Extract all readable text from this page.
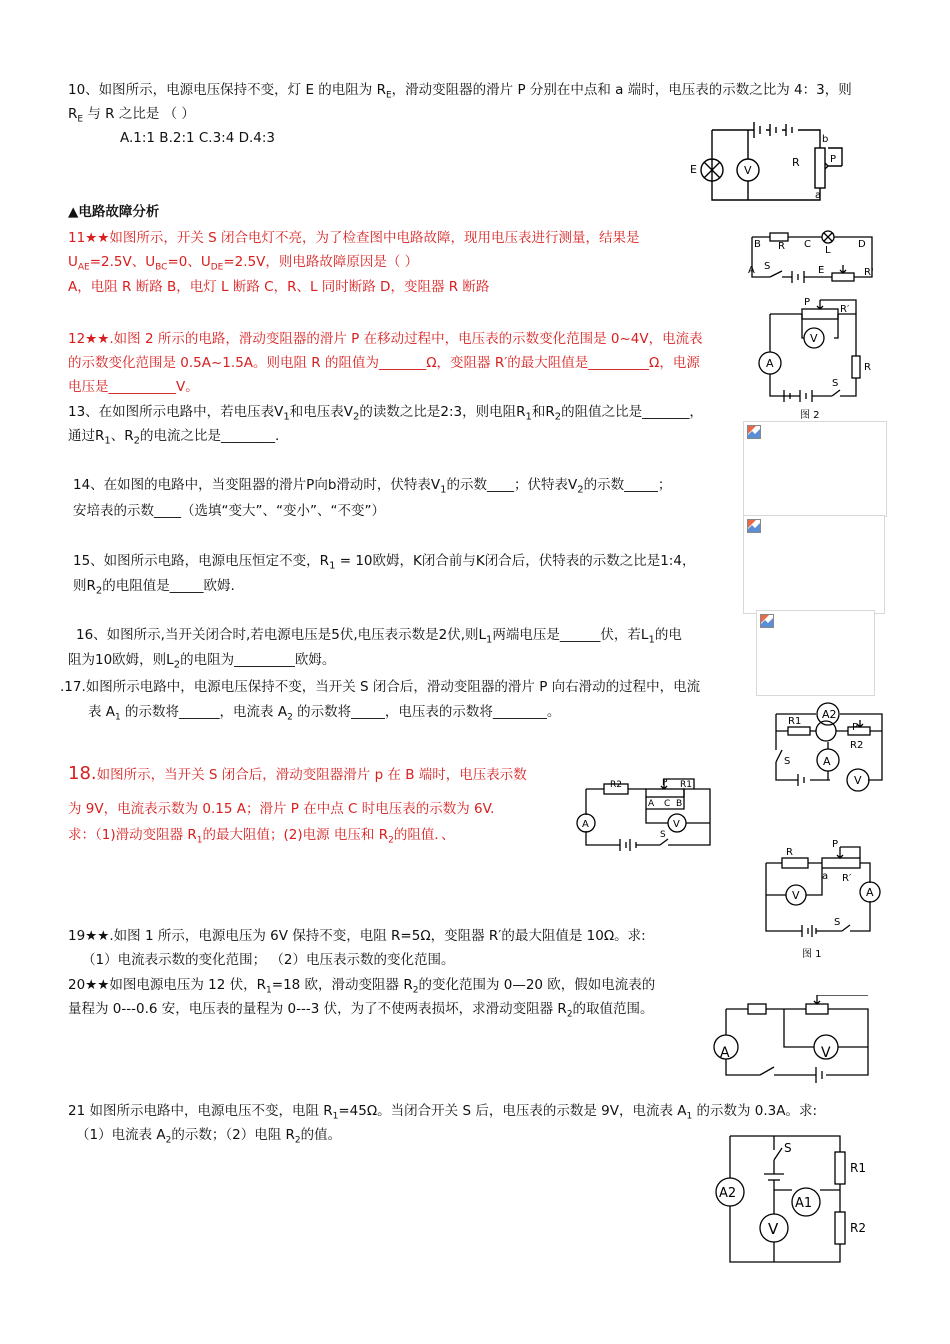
10、如图所示，电源电压保持不变，灯 E 的电阻为 $R_E$，滑动变阻器的滑片 P 分别在中点和 a 端时，电压表的示数之比为 4：3，则
$R_E$ 与 R 之比是 （ ）
A.1:1 B.2:1 C.3:4 D.4:3
E	V
R	P
a
b
▲电路故障分析
11★★如图所示，开关 S 闭合电灯不亮，为了检查图中电路故障，现用电压表进行测量，结果是
$U_{AE}=2.5V$、$U_{BC}=0$、$U_{DE}=2.5V$，则电路故障原因是（ ）
A，电阻 R 断路 B，电灯 L 断路 C，R、L 同时断路 D，变阻器 R 断路
B R C
L
D
A S	E	R'
12★★.如图 2 所示的电路，滑动变阻器的滑片 P 在移动过程中，电压表的示数变化范围是 0~4V，电流表
的示数变化范围是 0.5A~1.5A。则电阻 R 的阻值为_______Ω，变阻器 R′的最大阻值是_________Ω，电源
电压是__________V。
P
R′
V
A	R
S
图 2
13、在如图所示电路中，若电压表$V_1$和电压表$V_2$的读数之比是2:3，则电阻$R_1$和$R_2$的阻值之比是_______，
通过$R_1$、$R_2$的电流之比是________.
14、在如图的电路中，当变阻器的滑片P向b滑动时，伏特表$V_1$的示数____；伏特表$V_2$的示数_____；
安培表的示数____（选填“变大”、“变小”、“不变”）
15、如图所示电路，电源电压恒定不变，$R_1 = 10$欧姆，K闭合前与K闭合后，伏特表的示数之比是1:4，
则$R_2$的电阻值是_____欧姆.
16、如图所示,当开关闭合时,若电源电压是5伏,电压表示数是2伏,则$L_1$两端电压是______伏，若$L_1$的电
阻为10欧姆，则$L_2$的电阻为_________欧姆。
.17.如图所示电路中，电源电压保持不变，当开关 S 闭合后，滑动变阻器的滑片 P 向右滑动的过程中，电流
表 $A_1$ 的示数将______，电流表 $A_2$ 的示数将_____，电压表的示数将________。
R1
A2
P
R2
S	A
V
18.如图所示，当开关 S 闭合后，滑动变阻器滑片 p 在 B 端时，电压表示数
为 9V，电流表示数为 0.15 A；滑片 P 在中点 C 时电压表的示数为 6V.
求：（1)滑动变阻器 $R_1$的最大阻值；(2)电源 电压和 $R_2$的阻值．、
R2	P R1
A C B
A	V
S
R
P
a R′
V	A
S
图 1
19★★.如图 1 所示，电源电压为 6V 保持不变，电阻 R=5Ω，变阻器 R′的最大阻值是 10Ω。求:
（1）电流表示数的变化范围； （2）电压表示数的变化范围。
20★★如图电源电压为 12 伏，$R_1=18$ 欧，滑动变阻器 $R_2$的变化范围为 0—20 欧，假如电流表的
量程为 0---0.6 安，电压表的量程为 0---3 伏，为了不使两表损坏，求滑动变阻器 $R_2$的取值范围。
A	V
21 如图所示电路中，电源电压不变，电阻 $R_1=45\Omega$。当闭合开关 S 后，电压表的示数是 9V，电流表 $A_1$ 的示数为 0.3A。求:
（1）电流表 $A_2$的示数；（2）电阻 $R_2$的值。
S
R1
A2
A1
V	R2
